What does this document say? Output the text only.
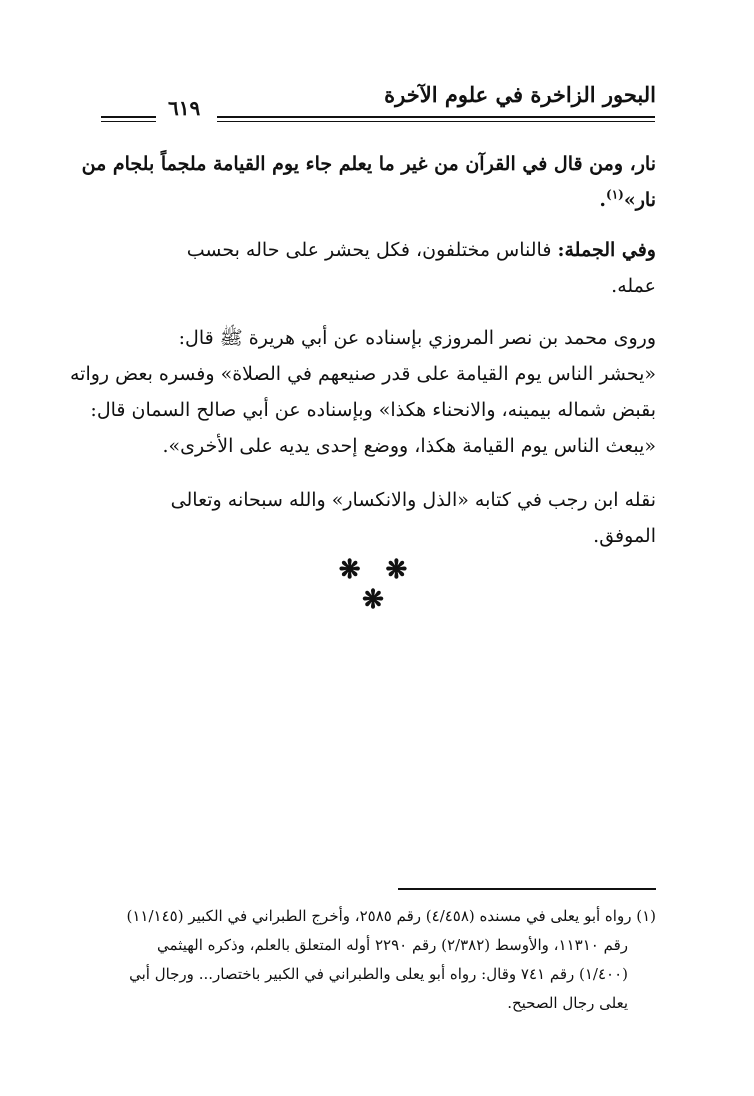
البحور الزاخرة في علوم الآخرة
٦١٩
نار، ومن قال في القرآن من غير ما يعلم جاء يوم القيامة ملجماً بلجام من
نار»$^{(١)}$.
وفي الجملة: فالناس مختلفون، فكل يحشر على حاله بحسب
عمله.
وروى محمد بن نصر المروزي بإسناده عن أبي هريرة ﷺ قال:
«يحشر الناس يوم القيامة على قدر صنيعهم في الصلاة» وفسره بعض رواته
بقبض شماله بيمينه، والانحناء هكذا» وبإسناده عن أبي صالح السمان قال:
«يبعث الناس يوم القيامة هكذا، ووضع إحدى يديه على الأخرى».
نقله ابن رجب في كتابه «الذل والانكسار» والله سبحانه وتعالى
الموفق.
❋ ❋ ❋
(١) رواه أبو يعلى في مسنده (٤/٤٥٨) رقم ٢٥٨٥، وأخرج الطبراني في الكبير (١١/١٤٥)
رقم ١١٣١٠، والأوسط (٢/٣٨٢) رقم ٢٢٩٠ أوله المتعلق بالعلم، وذكره الهيثمي
(١/٤٠٠) رقم ٧٤١ وقال: رواه أبو يعلى والطبراني في الكبير باختصار... ورجال أبي
يعلى رجال الصحيح.
